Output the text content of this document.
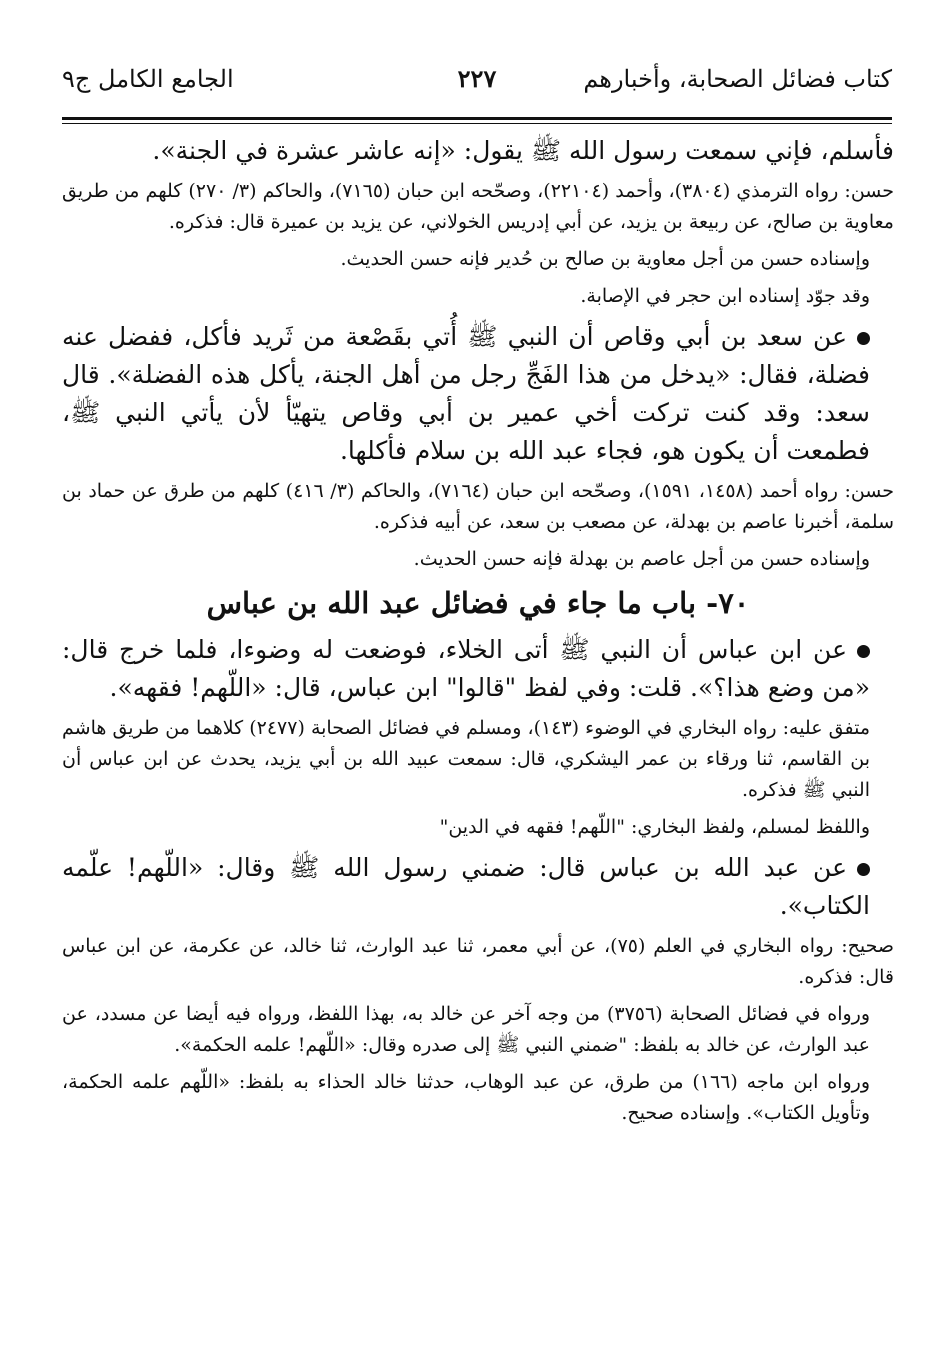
كتاب فضائل الصحابة، وأخبارهم
٢٢٧
الجامع الكامل ج٩

فأسلم، فإني سمعت رسول الله ﷺ يقول: «إنه عاشر عشرة في الجنة».

حسن: رواه الترمذي (٣٨٠٤)، وأحمد (٢٢١٠٤)، وصحّحه ابن حبان (٧١٦٥)، والحاكم (٣/ ٢٧٠) كلهم من طريق معاوية بن صالح، عن ربيعة بن يزيد، عن أبي إدريس الخولاني، عن يزيد بن عميرة قال: فذكره.

وإسناده حسن من أجل معاوية بن صالح بن حُدير فإنه حسن الحديث.

وقد جوّد إسناده ابن حجر في الإصابة.

عن سعد بن أبي وقاص أن النبي ﷺ أُتي بقَصْعة من ثَريد فأكل، ففضل عنه فضلة، فقال: «يدخل من هذا الفَجِّ رجل من أهل الجنة، يأكل هذه الفضلة». قال سعد: وقد كنت تركت أخي عمير بن أبي وقاص يتهيّأ لأن يأتي النبي ﷺ، فطمعت أن يكون هو، فجاء عبد الله بن سلام فأكلها.

حسن: رواه أحمد (١٤٥٨، ١٥٩١)، وصحّحه ابن حبان (٧١٦٤)، والحاكم (٣/ ٤١٦) كلهم من طرق عن حماد بن سلمة، أخبرنا عاصم بن بهدلة، عن مصعب بن سعد، عن أبيه فذكره.

وإسناده حسن من أجل عاصم بن بهدلة فإنه حسن الحديث.

٧٠- باب ما جاء في فضائل عبد الله بن عباس

عن ابن عباس أن النبي ﷺ أتى الخلاء، فوضعت له وضوءا، فلما خرج قال: «من وضع هذا؟». قلت: وفي لفظ "قالوا" ابن عباس، قال: «اللّهم! فقهه».

متفق عليه: رواه البخاري في الوضوء (١٤٣)، ومسلم في فضائل الصحابة (٢٤٧٧) كلاهما من طريق هاشم بن القاسم، ثنا ورقاء بن عمر اليشكري، قال: سمعت عبيد الله بن أبي يزيد، يحدث عن ابن عباس أن النبي ﷺ فذكره.

واللفظ لمسلم، ولفظ البخاري: "اللّهم! فقهه في الدين"

عن عبد الله بن عباس قال: ضمني رسول الله ﷺ وقال: «اللّهم! علّمه الكتاب».

صحيح: رواه البخاري في العلم (٧٥)، عن أبي معمر، ثنا عبد الوارث، ثنا خالد، عن عكرمة، عن ابن عباس قال: فذكره.

ورواه في فضائل الصحابة (٣٧٥٦) من وجه آخر عن خالد به، بهذا اللفظ، ورواه فيه أيضا عن مسدد، عن عبد الوارث، عن خالد به بلفظ: "ضمني النبي ﷺ إلى صدره وقال: «اللّهم! علمه الحكمة».

ورواه ابن ماجه (١٦٦) من طرق، عن عبد الوهاب، حدثنا خالد الحذاء به بلفظ: «اللّهم علمه الحكمة، وتأويل الكتاب». وإسناده صحيح.
